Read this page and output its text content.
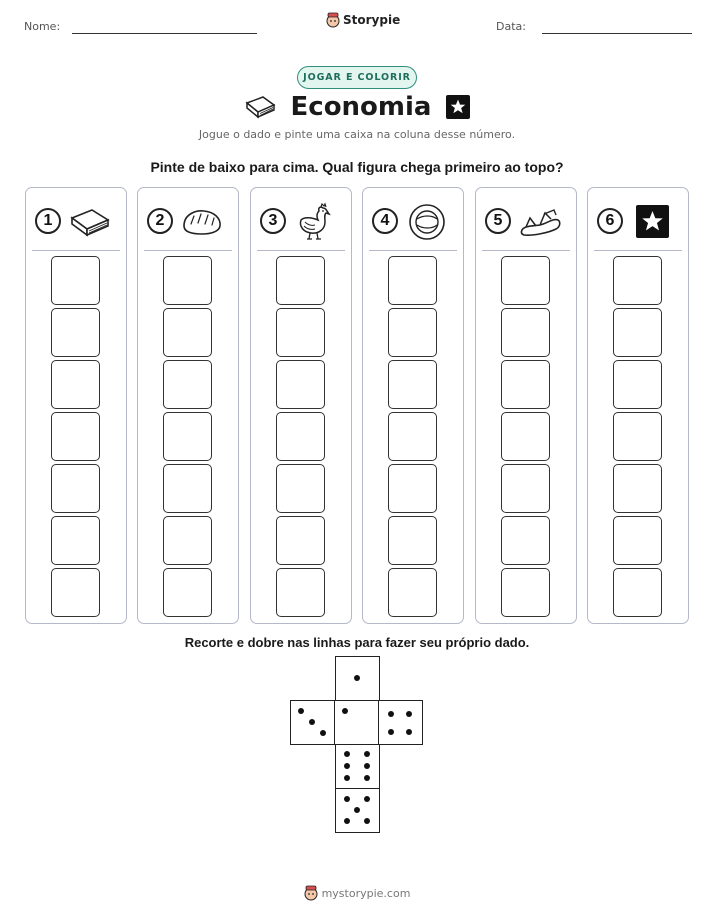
Nome:	Data:
Storypie
JOGAR E COLORIR
Economia
Jogue o dado e pinte uma caixa na coluna desse número.
Pinte de baixo para cima. Qual figura chega primeiro ao topo?
1	2	3	4	5	6
Recorte e dobre nas linhas para fazer seu próprio dado.
mystorypie.com
